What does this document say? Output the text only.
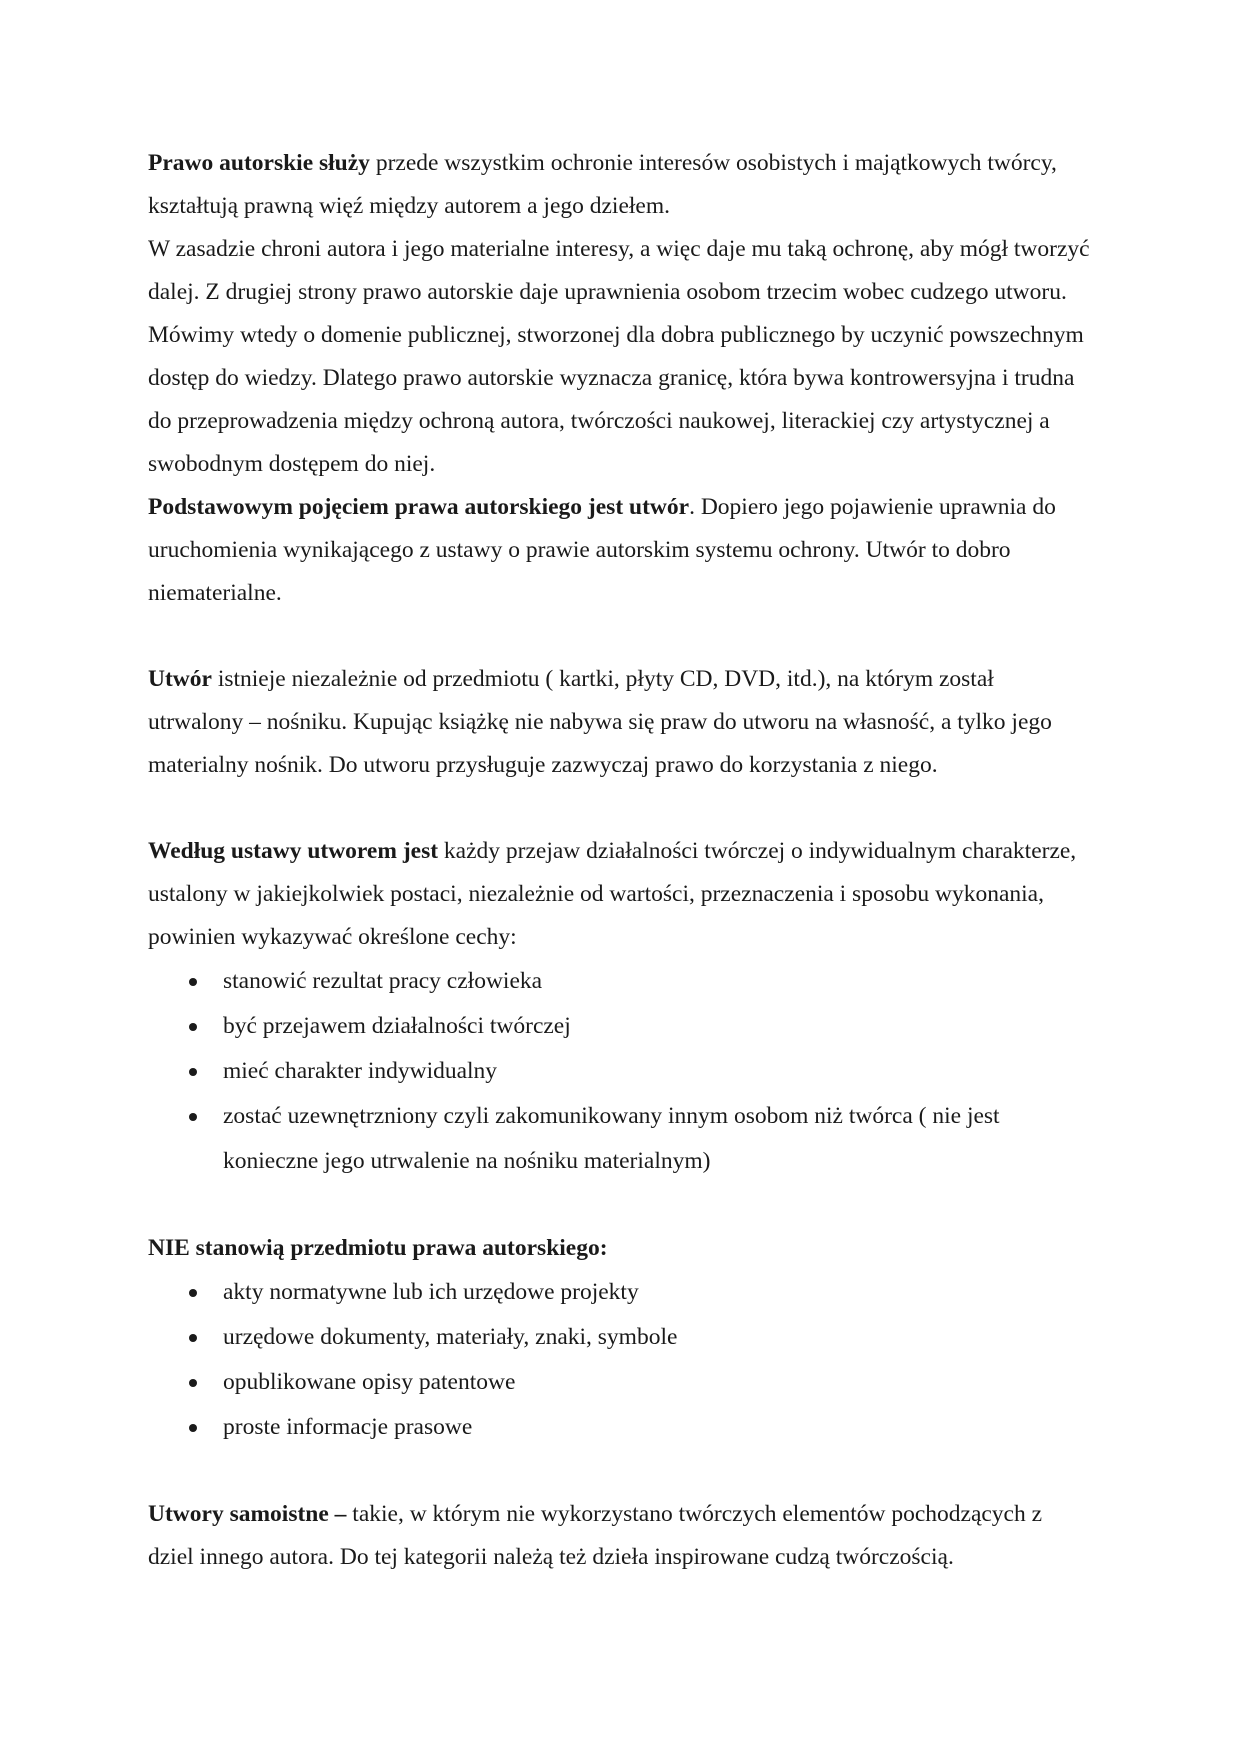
Prawo autorskie służy przede wszystkim ochronie interesów osobistych i majątkowych twórcy, kształtują prawną więź między autorem a jego dziełem.

W zasadzie chroni autora i jego materialne interesy, a więc daje mu taką ochronę, aby mógł tworzyć dalej. Z drugiej strony prawo autorskie daje uprawnienia osobom trzecim wobec cudzego utworu. Mówimy wtedy o domenie publicznej, stworzonej dla dobra publicznego by uczynić powszechnym dostęp do wiedzy. Dlatego prawo autorskie wyznacza granicę, która bywa kontrowersyjna i trudna do przeprowadzenia między ochroną autora, twórczości naukowej, literackiej czy artystycznej a swobodnym dostępem do niej.

Podstawowym pojęciem prawa autorskiego jest utwór. Dopiero jego pojawienie uprawnia do uruchomienia wynikającego z ustawy o prawie autorskim systemu ochrony. Utwór to dobro niematerialne.

Utwór istnieje niezależnie od przedmiotu ( kartki, płyty CD, DVD, itd.), na którym został utrwalony – nośniku. Kupując książkę nie nabywa się praw do utworu na własność, a tylko jego materialny nośnik. Do utworu przysługuje zazwyczaj prawo do korzystania z niego.

Według ustawy utworem jest każdy przejaw działalności twórczej o indywidualnym charakterze, ustalony w jakiejkolwiek postaci, niezależnie od wartości, przeznaczenia i sposobu wykonania, powinien wykazywać określone cechy:

stanowić rezultat pracy człowieka
być przejawem działalności twórczej
mieć charakter indywidualny
zostać uzewnętrzniony czyli zakomunikowany innym osobom niż twórca ( nie jest konieczne jego utrwalenie na nośniku materialnym)

NIE stanowią przedmiotu prawa autorskiego:

akty normatywne lub ich urzędowe projekty
urzędowe dokumenty, materiały, znaki, symbole
opublikowane opisy patentowe
proste informacje prasowe

Utwory samoistne – takie, w którym nie wykorzystano twórczych elementów pochodzących z dziel innego autora. Do tej kategorii należą też dzieła inspirowane cudzą twórczością.
